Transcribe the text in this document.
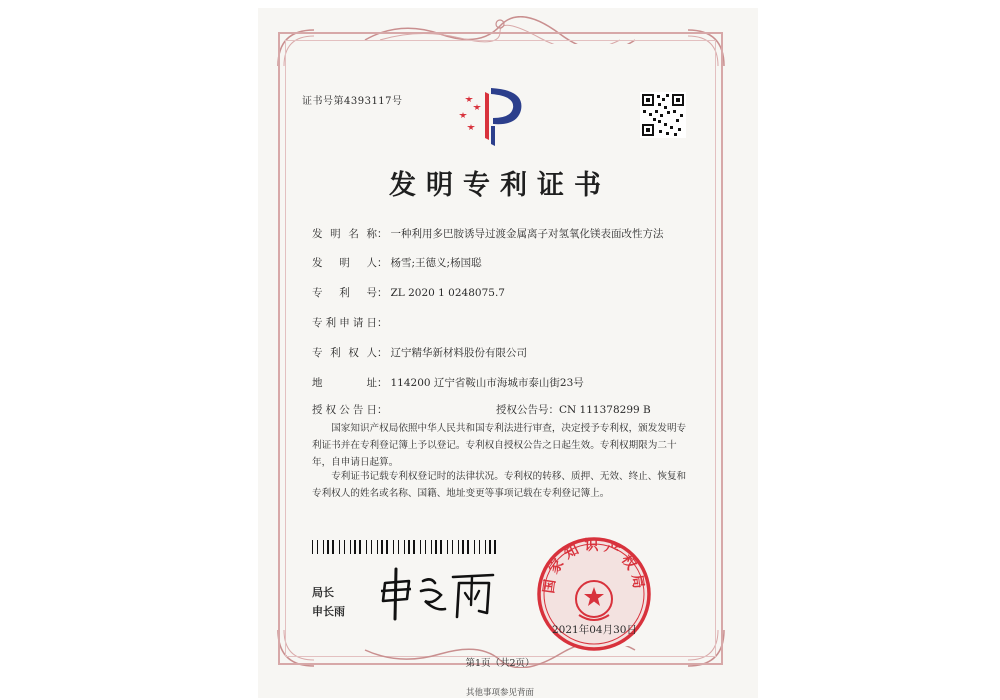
证书号第4393117号
发明专利证书
发明名称： 一种利用多巴胺诱导过渡金属离子对氢氧化镁表面改性方法
发明人： 杨雪;王德义;杨国聪
专利号： ZL 2020 1 0248075.7
专利申请日：
专利权人： 辽宁精华新材料股份有限公司
地址： 114200 辽宁省鞍山市海城市泰山街23号
授权公告日：	授权公告号：CN 111378299 B
国家知识产权局依照中华人民共和国专利法进行审查，决定授予专利权，颁发发明专利证书并在专利登记簿上予以登记。专利权自授权公告之日起生效。专利权期限为二十年，自申请日起算。
专利证书记载专利权登记时的法律状况。专利权的转移、质押、无效、终止、恢复和专利权人的姓名或名称、国籍、地址变更等事项记载在专利登记簿上。
局长
申长雨
国家知识产权局
2021年04月30日
第1页（共2页）
其他事项参见背面
